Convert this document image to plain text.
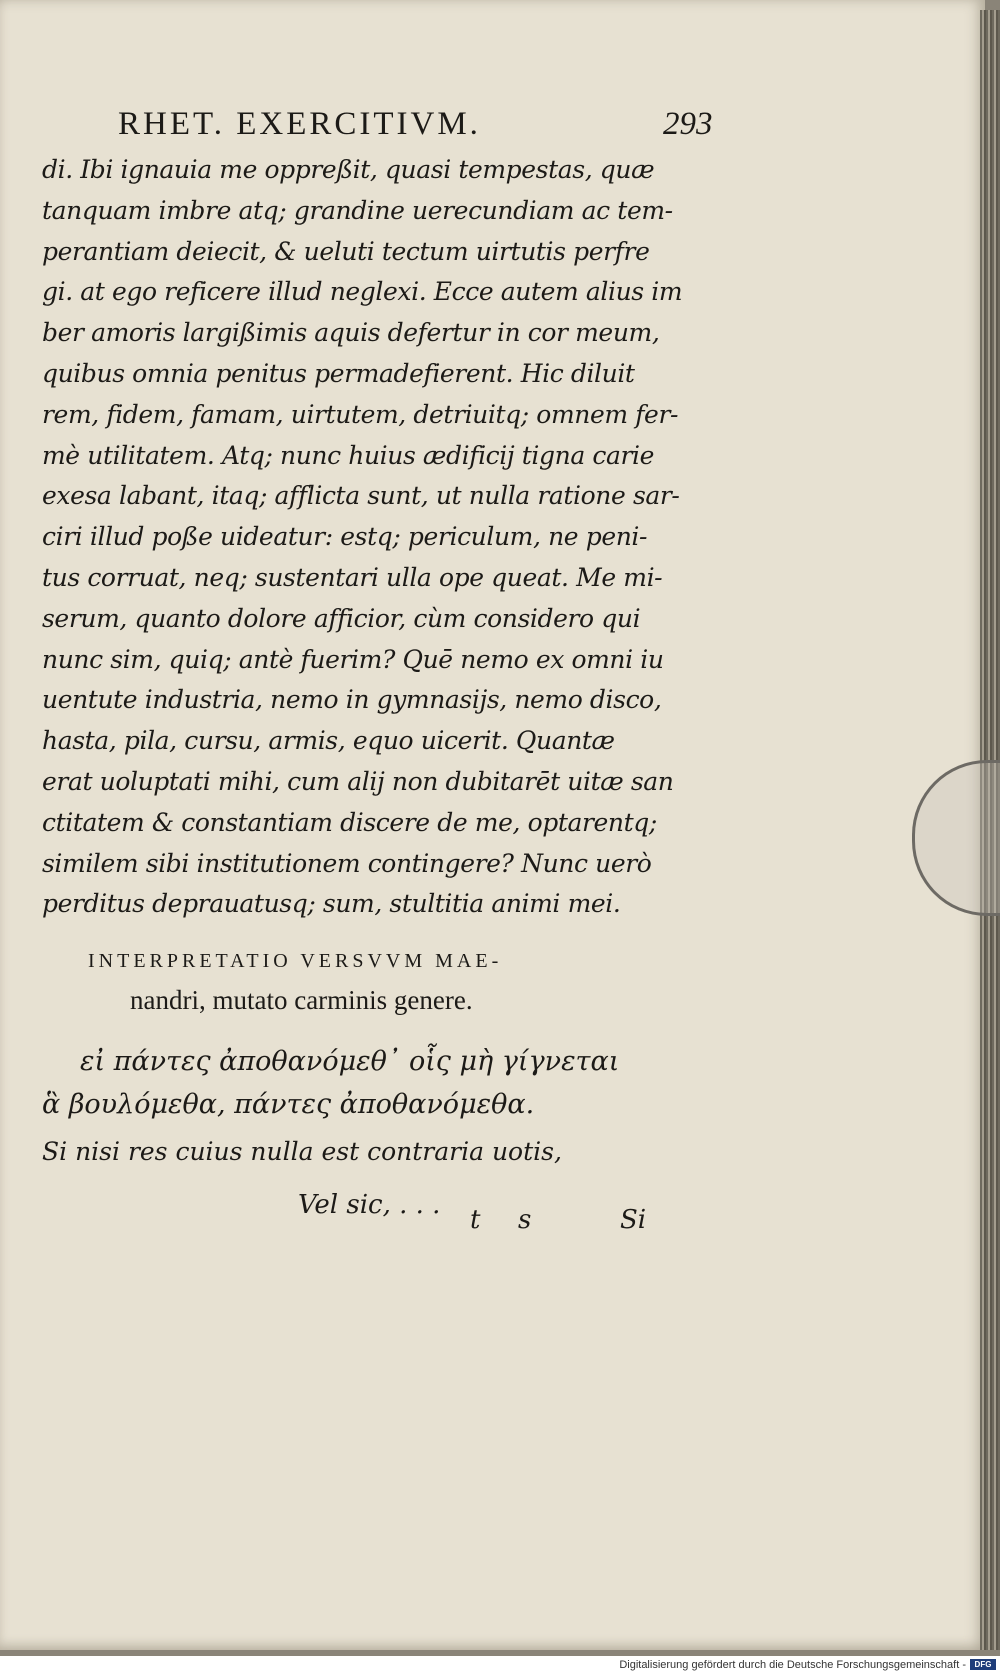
RHET. EXERCITIVM.	293
di. Ibi ignauia me oppreßit, quasi tempestas, quæ
tanquam imbre atq; grandine uerecundiam ac tem-
perantiam deiecit, & ueluti tectum uirtutis perfre
gi. at ego reficere illud neglexi. Ecce autem alius im
ber amoris largißimis aquis defertur in cor meum,
quibus omnia penitus permadefierent. Hic diluit
rem, fidem, famam, uirtutem, detriuitq; omnem fer-
mè utilitatem. Atq; nunc huius ædificij tigna carie
exesa labant, itaq; afflicta sunt, ut nulla ratione sar-
ciri illud poße uideatur: estq; periculum, ne peni-
tus corruat, neq; sustentari ulla ope queat. Me mi-
serum, quanto dolore afficior, cùm considero qui
nunc sim, quiq; antè fuerim? Quē nemo ex omni iu
uentute industria, nemo in gymnasijs, nemo disco,
hasta, pila, cursu, armis, equo uicerit. Quantæ
erat uoluptati mihi, cum alij non dubitarēt uitæ san
ctitatem & constantiam discere de me, optarentq;
similem sibi institutionem contingere? Nunc uerò
perditus deprauatusq; sum, stultitia animi mei.
INTERPRETATIO VERSVVM MAE-
nandri, mutato carminis genere.
εἰ πάντες ἀποθανόμεθ᾽ οἷς μὴ γίγνεται
ἃ βουλόμεθα, πάντες ἀποθανόμεθα.
Si nisi res cuius nulla est contraria uotis,
Vel sic, . . . t s	Si
Digitalisierung gefördert durch die Deutsche Forschungsgemeinschaft -	DFG
